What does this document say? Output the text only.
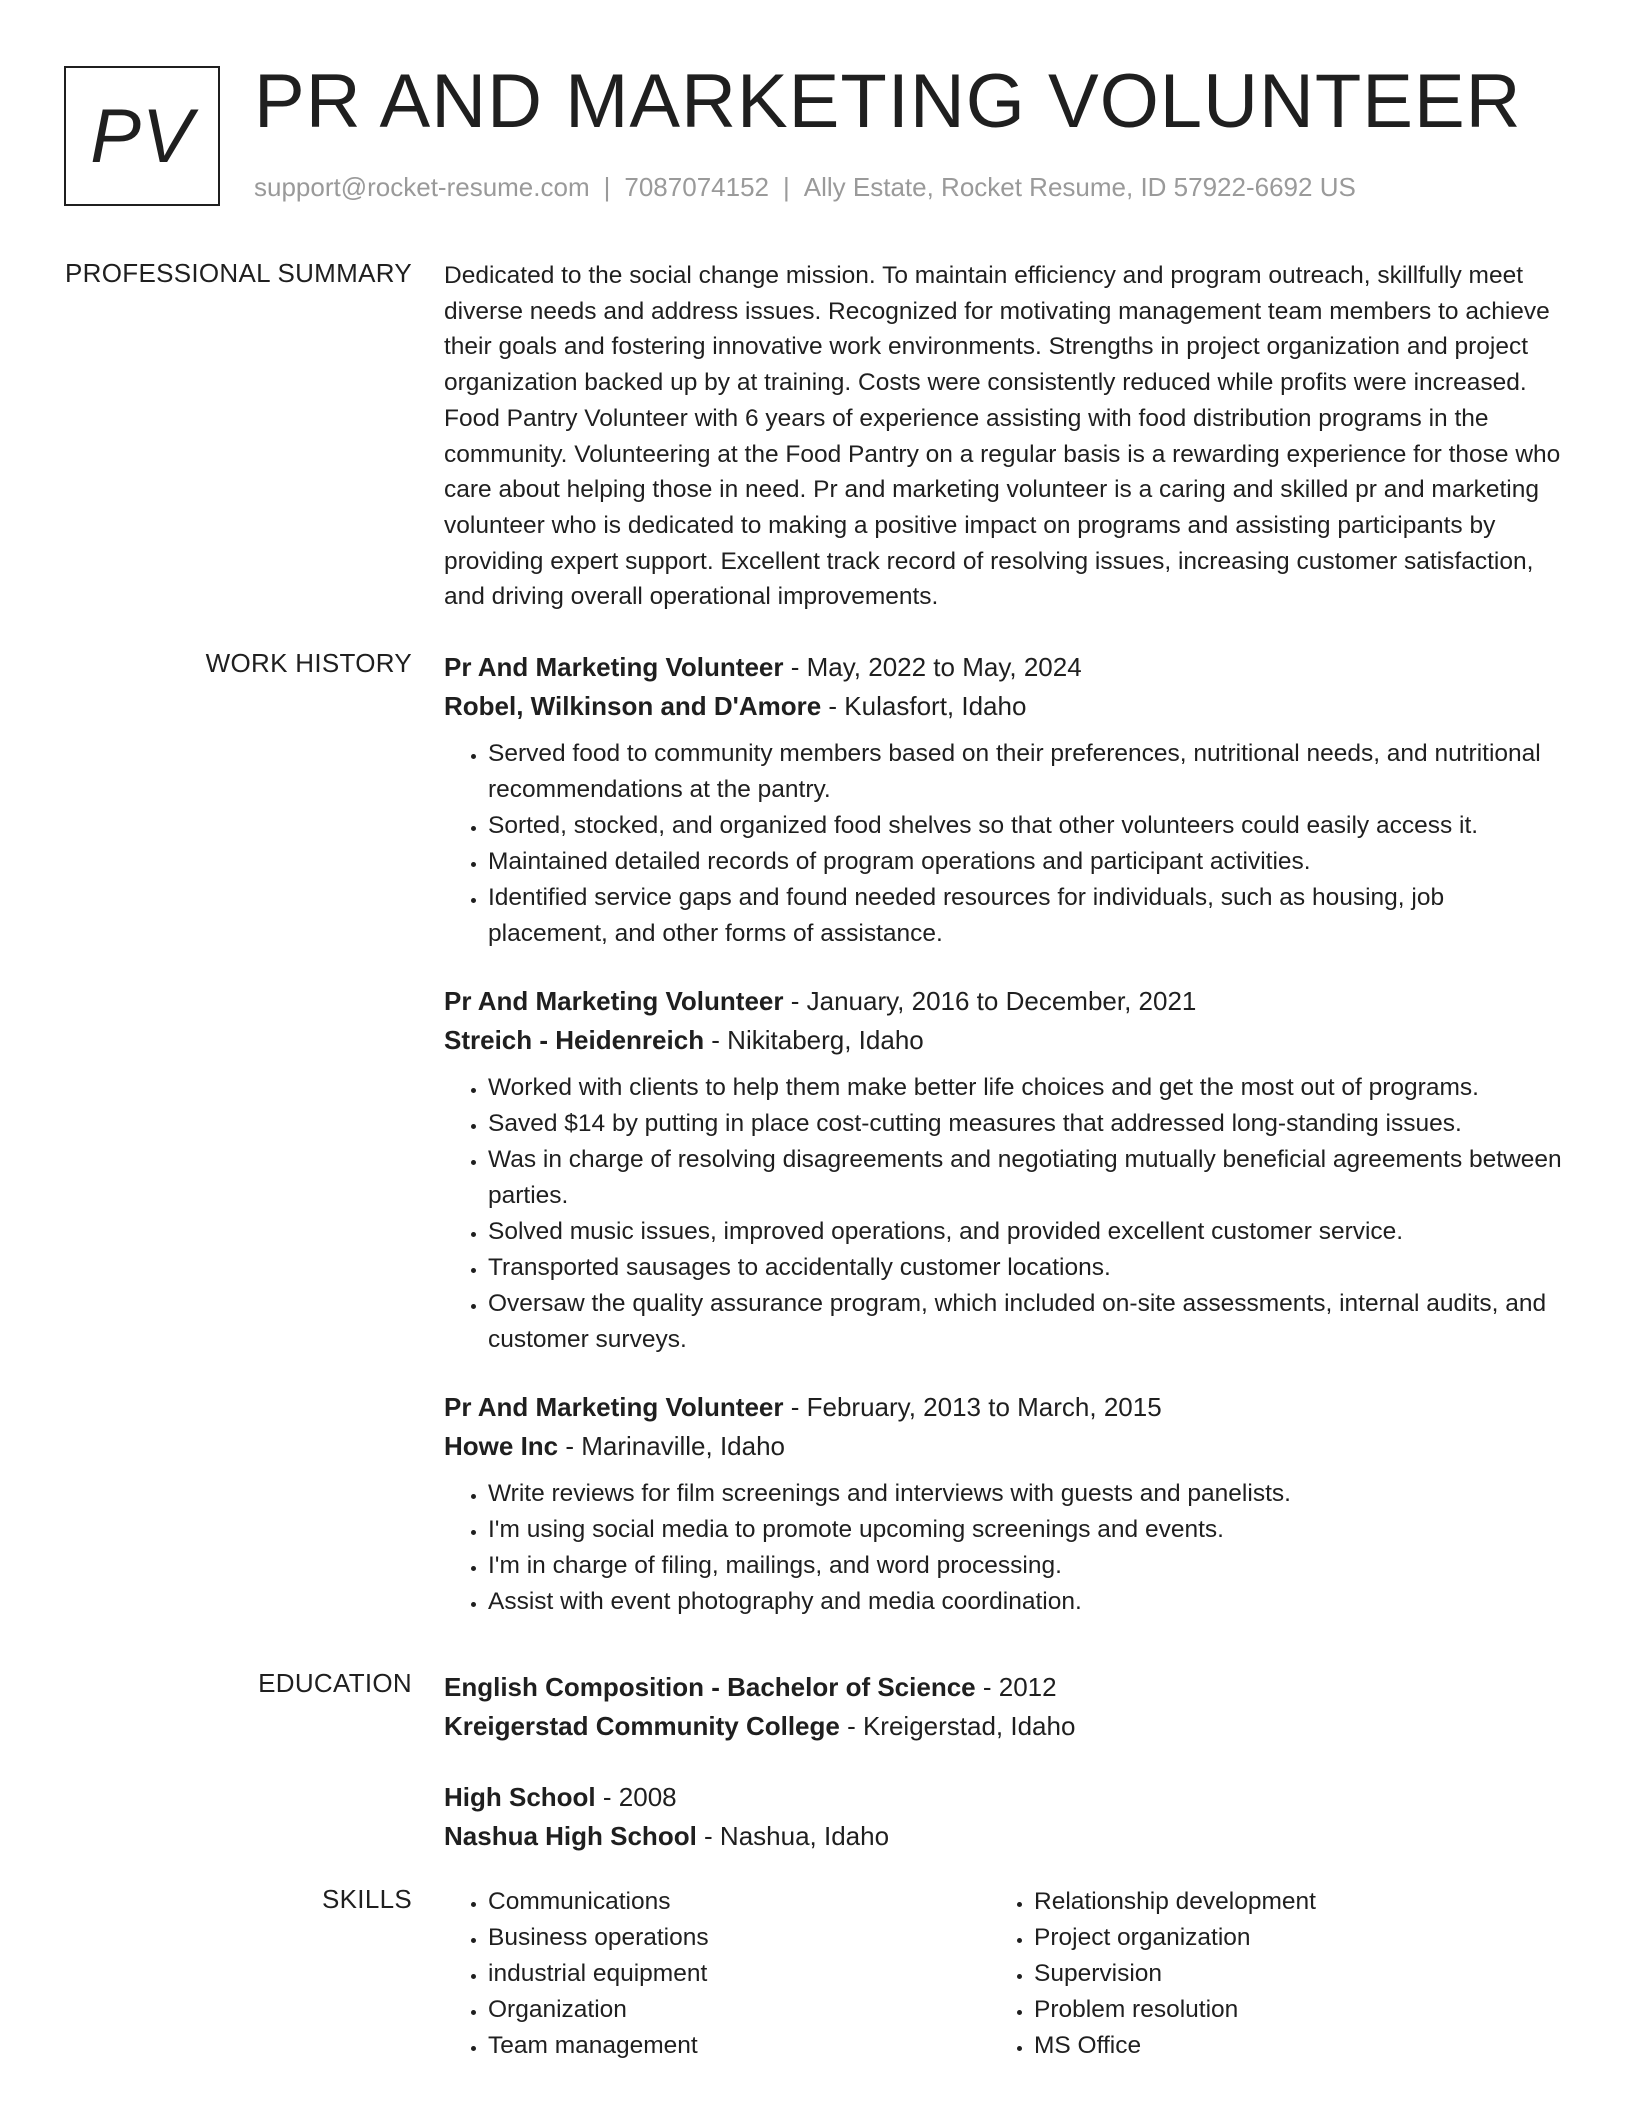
PV PR AND MARKETING VOLUNTEER
support@rocket-resume.com | 7087074152 | Ally Estate, Rocket Resume, ID 57922-6692 US
PROFESSIONAL SUMMARY Dedicated to the social change mission. To maintain efficiency and program outreach, skillfully meet diverse needs and address issues. Recognized for motivating management team members to achieve their goals and fostering innovative work environments. Strengths in project organization and project organization backed up by at training. Costs were consistently reduced while profits were increased. Food Pantry Volunteer with 6 years of experience assisting with food distribution programs in the community. Volunteering at the Food Pantry on a regular basis is a rewarding experience for those who care about helping those in need. Pr and marketing volunteer is a caring and skilled pr and marketing volunteer who is dedicated to making a positive impact on programs and assisting participants by providing expert support. Excellent track record of resolving issues, increasing customer satisfaction, and driving overall operational improvements.

WORK HISTORY Pr And Marketing Volunteer - May, 2022 to May, 2024
Robel, Wilkinson and D'Amore - Kulasfort, Idaho
• Served food to community members based on their preferences, nutritional needs, and nutritional recommendations at the pantry.
• Sorted, stocked, and organized food shelves so that other volunteers could easily access it.
• Maintained detailed records of program operations and participant activities.
• Identified service gaps and found needed resources for individuals, such as housing, job placement, and other forms of assistance.
Pr And Marketing Volunteer - January, 2016 to December, 2021
Streich - Heidenreich - Nikitaberg, Idaho
• Worked with clients to help them make better life choices and get the most out of programs.
• Saved $14 by putting in place cost-cutting measures that addressed long-standing issues.
• Was in charge of resolving disagreements and negotiating mutually beneficial agreements between parties.
• Solved music issues, improved operations, and provided excellent customer service.
• Transported sausages to accidentally customer locations.
• Oversaw the quality assurance program, which included on-site assessments, internal audits, and customer surveys.
Pr And Marketing Volunteer - February, 2013 to March, 2015
Howe Inc - Marinaville, Idaho
• Write reviews for film screenings and interviews with guests and panelists.
• I'm using social media to promote upcoming screenings and events.
• I'm in charge of filing, mailings, and word processing.
• Assist with event photography and media coordination.
EDUCATION English Composition - Bachelor of Science - 2012
Kreigerstad Community College - Kreigerstad, Idaho
High School - 2008
Nashua High School - Nashua, Idaho
SKILLS
•	Communications
• Business operations
• industrial equipment
• Organization
• Team management
• Relationship development
• Project organization
• Supervision
• Problem resolution
• MS Office
